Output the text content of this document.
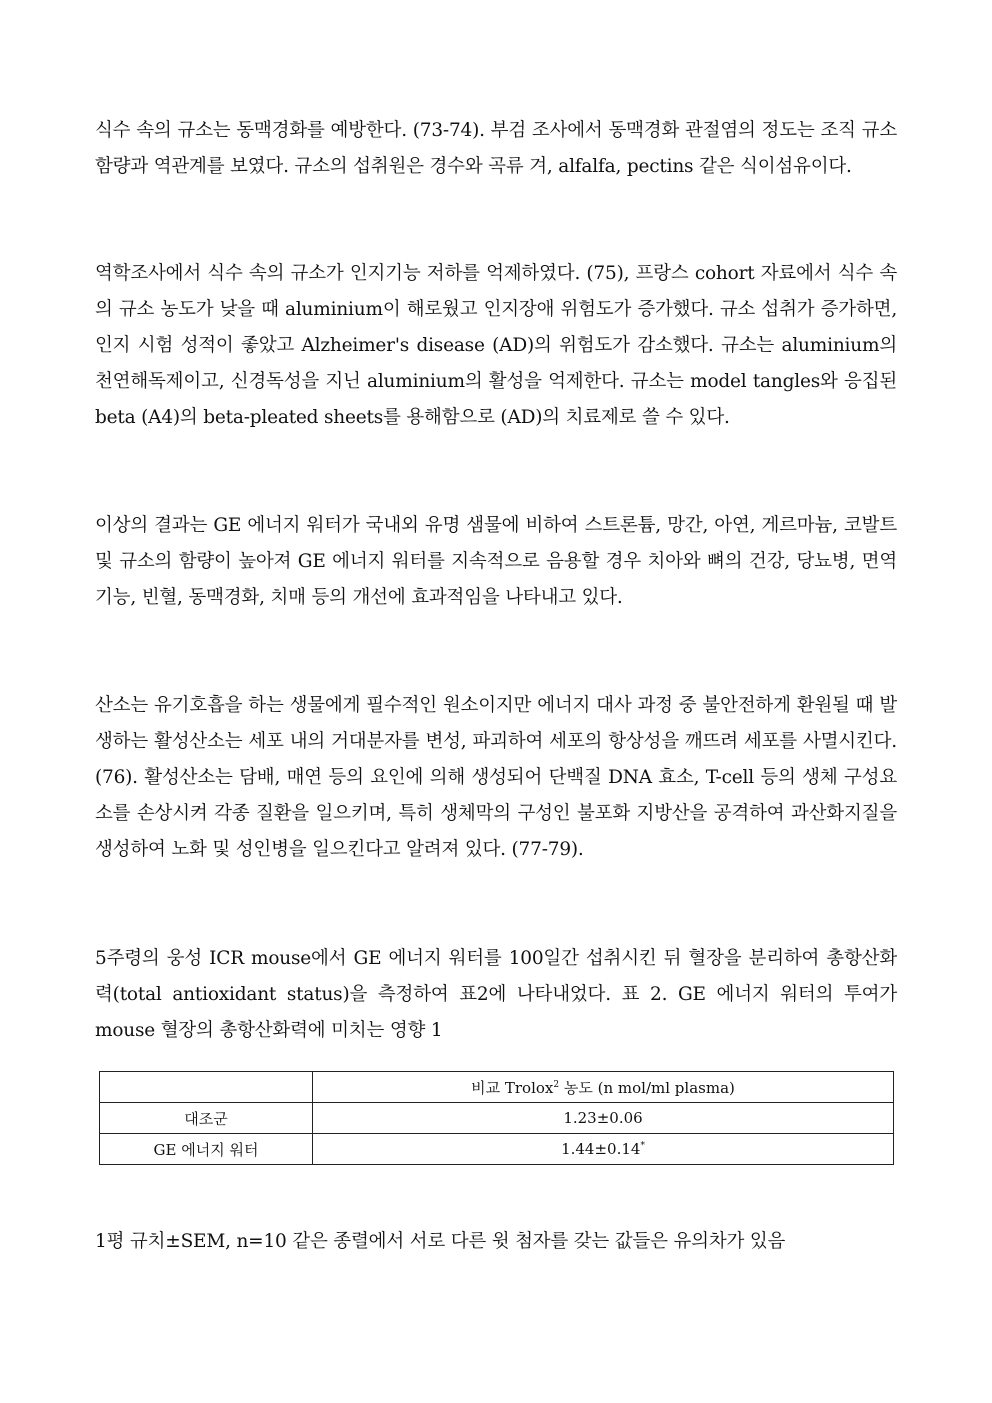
식수 속의 규소는 동맥경화를 예방한다. (73-74). 부검 조사에서 동맥경화 관절염의 정도는 조직 규소 함량과 역관계를 보였다. 규소의 섭취원은 경수와 곡류 겨, alfalfa, pectins 같은 식이섬유이다.
역학조사에서 식수 속의 규소가 인지기능 저하를 억제하였다. (75), 프랑스 cohort 자료에서 식수 속의 규소 농도가 낮을 때 aluminium이 해로웠고 인지장애 위험도가 증가했다. 규소 섭취가 증가하면, 인지 시험 성적이 좋았고 Alzheimer's disease (AD)의 위험도가 감소했다. 규소는 aluminium의 천연해독제이고, 신경독성을 지닌 aluminium의 활성을 억제한다. 규소는 model tangles와 응집된 beta (A4)의 beta-pleated sheets를 용해함으로 (AD)의 치료제로 쓸 수 있다.
이상의 결과는 GE 에너지 워터가 국내외 유명 샘물에 비하여 스트론튬, 망간, 아연, 게르마늄, 코발트 및 규소의 함량이 높아져 GE 에너지 워터를 지속적으로 음용할 경우 치아와 뼈의 건강, 당뇨병, 면역기능, 빈혈, 동맥경화, 치매 등의 개선에 효과적임을 나타내고 있다.
산소는 유기호흡을 하는 생물에게 필수적인 원소이지만 에너지 대사 과정 중 불안전하게 환원될 때 발생하는 활성산소는 세포 내의 거대분자를 변성, 파괴하여 세포의 항상성을 깨뜨려 세포를 사멸시킨다. (76). 활성산소는 담배, 매연 등의 요인에 의해 생성되어 단백질 DNA 효소, T-cell 등의 생체 구성요소를 손상시켜 각종 질환을 일으키며, 특히 생체막의 구성인 불포화 지방산을 공격하여 과산화지질을 생성하여 노화 및 성인병을 일으킨다고 알려져 있다. (77-79).
5주령의 웅성 ICR mouse에서 GE 에너지 워터를 100일간 섭취시킨 뒤 혈장을 분리하여 총항산화력(total antioxidant status)을 측정하여 표2에 나타내었다. 표 2. GE 에너지 워터의 투여가 mouse 혈장의 총항산화력에 미치는 영향 1
	비교 Trolox$^2$ 농도 (n mol/ml plasma)
대조군	1.23±0.06
GE 에너지 워터	1.44±0.14*
1평 규치±SEM, n=10 같은 종렬에서 서로 다른 윗 첨자를 갖는 값들은 유의차가 있음
